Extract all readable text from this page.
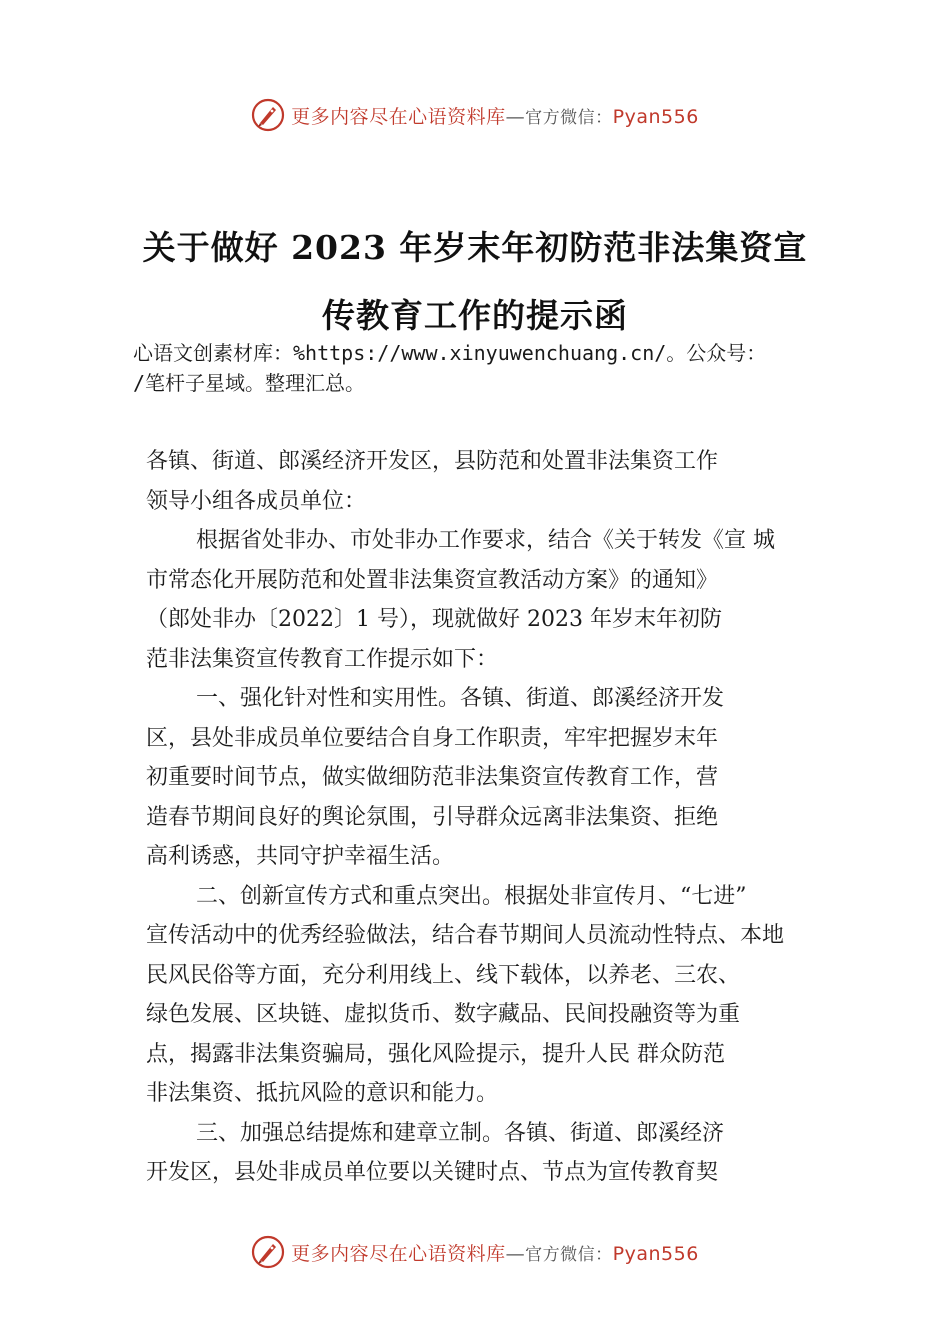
更多内容尽在心语资料库—官方微信：Pyan556
关于做好 2023 年岁末年初防范非法集资宣
传教育工作的提示函
心语文创素材库：%https://www.xinyuwenchuang.cn/。公众号：
/笔杆子星域。整理汇总。
各镇、街道、郎溪经济开发区，县防范和处置非法集资工作
领导小组各成员单位：
根据省处非办、市处非办工作要求，结合《关于转发《宣 城
市常态化开展防范和处置非法集资宣教活动方案》的通知》
（郎处非办〔2022〕1 号），现就做好 2023 年岁末年初防
范非法集资宣传教育工作提示如下：
一、强化针对性和实用性。各镇、街道、郎溪经济开发
区，县处非成员单位要结合自身工作职责，牢牢把握岁末年
初重要时间节点，做实做细防范非法集资宣传教育工作，营
造春节期间良好的舆论氛围，引导群众远离非法集资、拒绝
高利诱惑，共同守护幸福生活。
二、创新宣传方式和重点突出。根据处非宣传月、“七进”
宣传活动中的优秀经验做法，结合春节期间人员流动性特点、本地
民风民俗等方面，充分利用线上、线下载体，以养老、三农、
绿色发展、区块链、虚拟货币、数字藏品、民间投融资等为重
点，揭露非法集资骗局，强化风险提示，提升人民 群众防范
非法集资、抵抗风险的意识和能力。
三、加强总结提炼和建章立制。各镇、街道、郎溪经济
开发区，县处非成员单位要以关键时点、节点为宣传教育契
更多内容尽在心语资料库—官方微信：Pyan556
